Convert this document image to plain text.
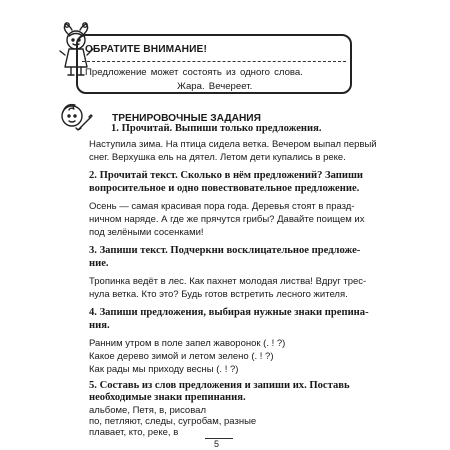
ОБРАТИТЕ ВНИМАНИЕ!
Предложение может состоять из одного слова.
Жара. Вечереет.
ТРЕНИРОВОЧНЫЕ ЗАДАНИЯ
1. Прочитай. Выпиши только предложения.
Наступила зима. На птица сидела ветка. Вечером выпал первый
снег. Верхушка ель на дятел. Летом дети купались в реке.
2. Прочитай текст. Сколько в нём предложений? Запиши
вопросительное и одно повествовательное предложение.
Осень — самая красивая пора года. Деревья стоят в празд-
ничном наряде. А где же прячутся грибы? Давайте поищем их
под зелёными сосенками!
3. Запиши текст. Подчеркни восклицательное предложе-
ние.
Тропинка ведёт в лес. Как пахнет молодая листва! Вдруг трес-
нула ветка. Кто это? Будь готов встретить лесного жителя.
4. Запиши предложения, выбирая нужные знаки препина-
ния.
Ранним утром в поле запел жаворонок (. ! ?)
Какое дерево зимой и летом зелено (. ! ?)
Как рады мы приходу весны (. ! ?)
5. Составь из слов предложения и запиши их. Поставь
необходимые знаки препинания.
альбоме, Петя, в, рисовал
5
по, петляют, следы, сугробам, разные
плавает, кто, реке, в
